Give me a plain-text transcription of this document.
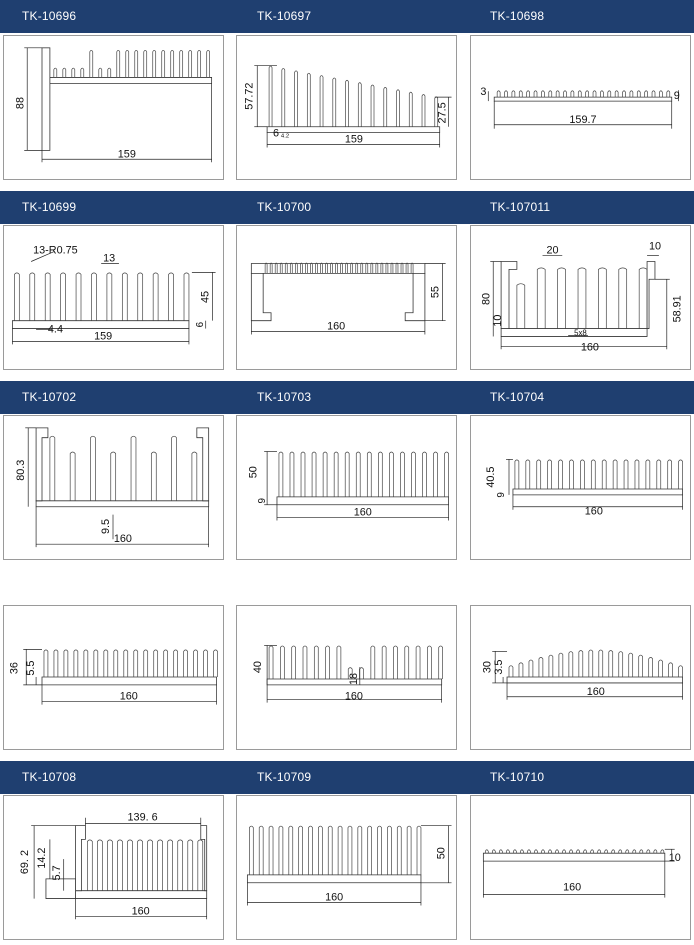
TK-10696	TK-10697	TK-10698
TK-10699	TK-10700	TK-107011
TK-10702	TK-10703	TK-10704
TK-10708	TK-10709	TK-10710
88
159
57.72
159
27.5
6 4.2
3	9
159.7
13-R0.75
13
45
6
4.4
159
55
160
20	10
80
10	58.91
5x8
160
80.3
9.5
160
50
9
160
40.5
9
160
36 5.5
160
40
18
160
30 3.5
160
139. 6
69. 2 14.2
5.7
160
50
160
10
160
